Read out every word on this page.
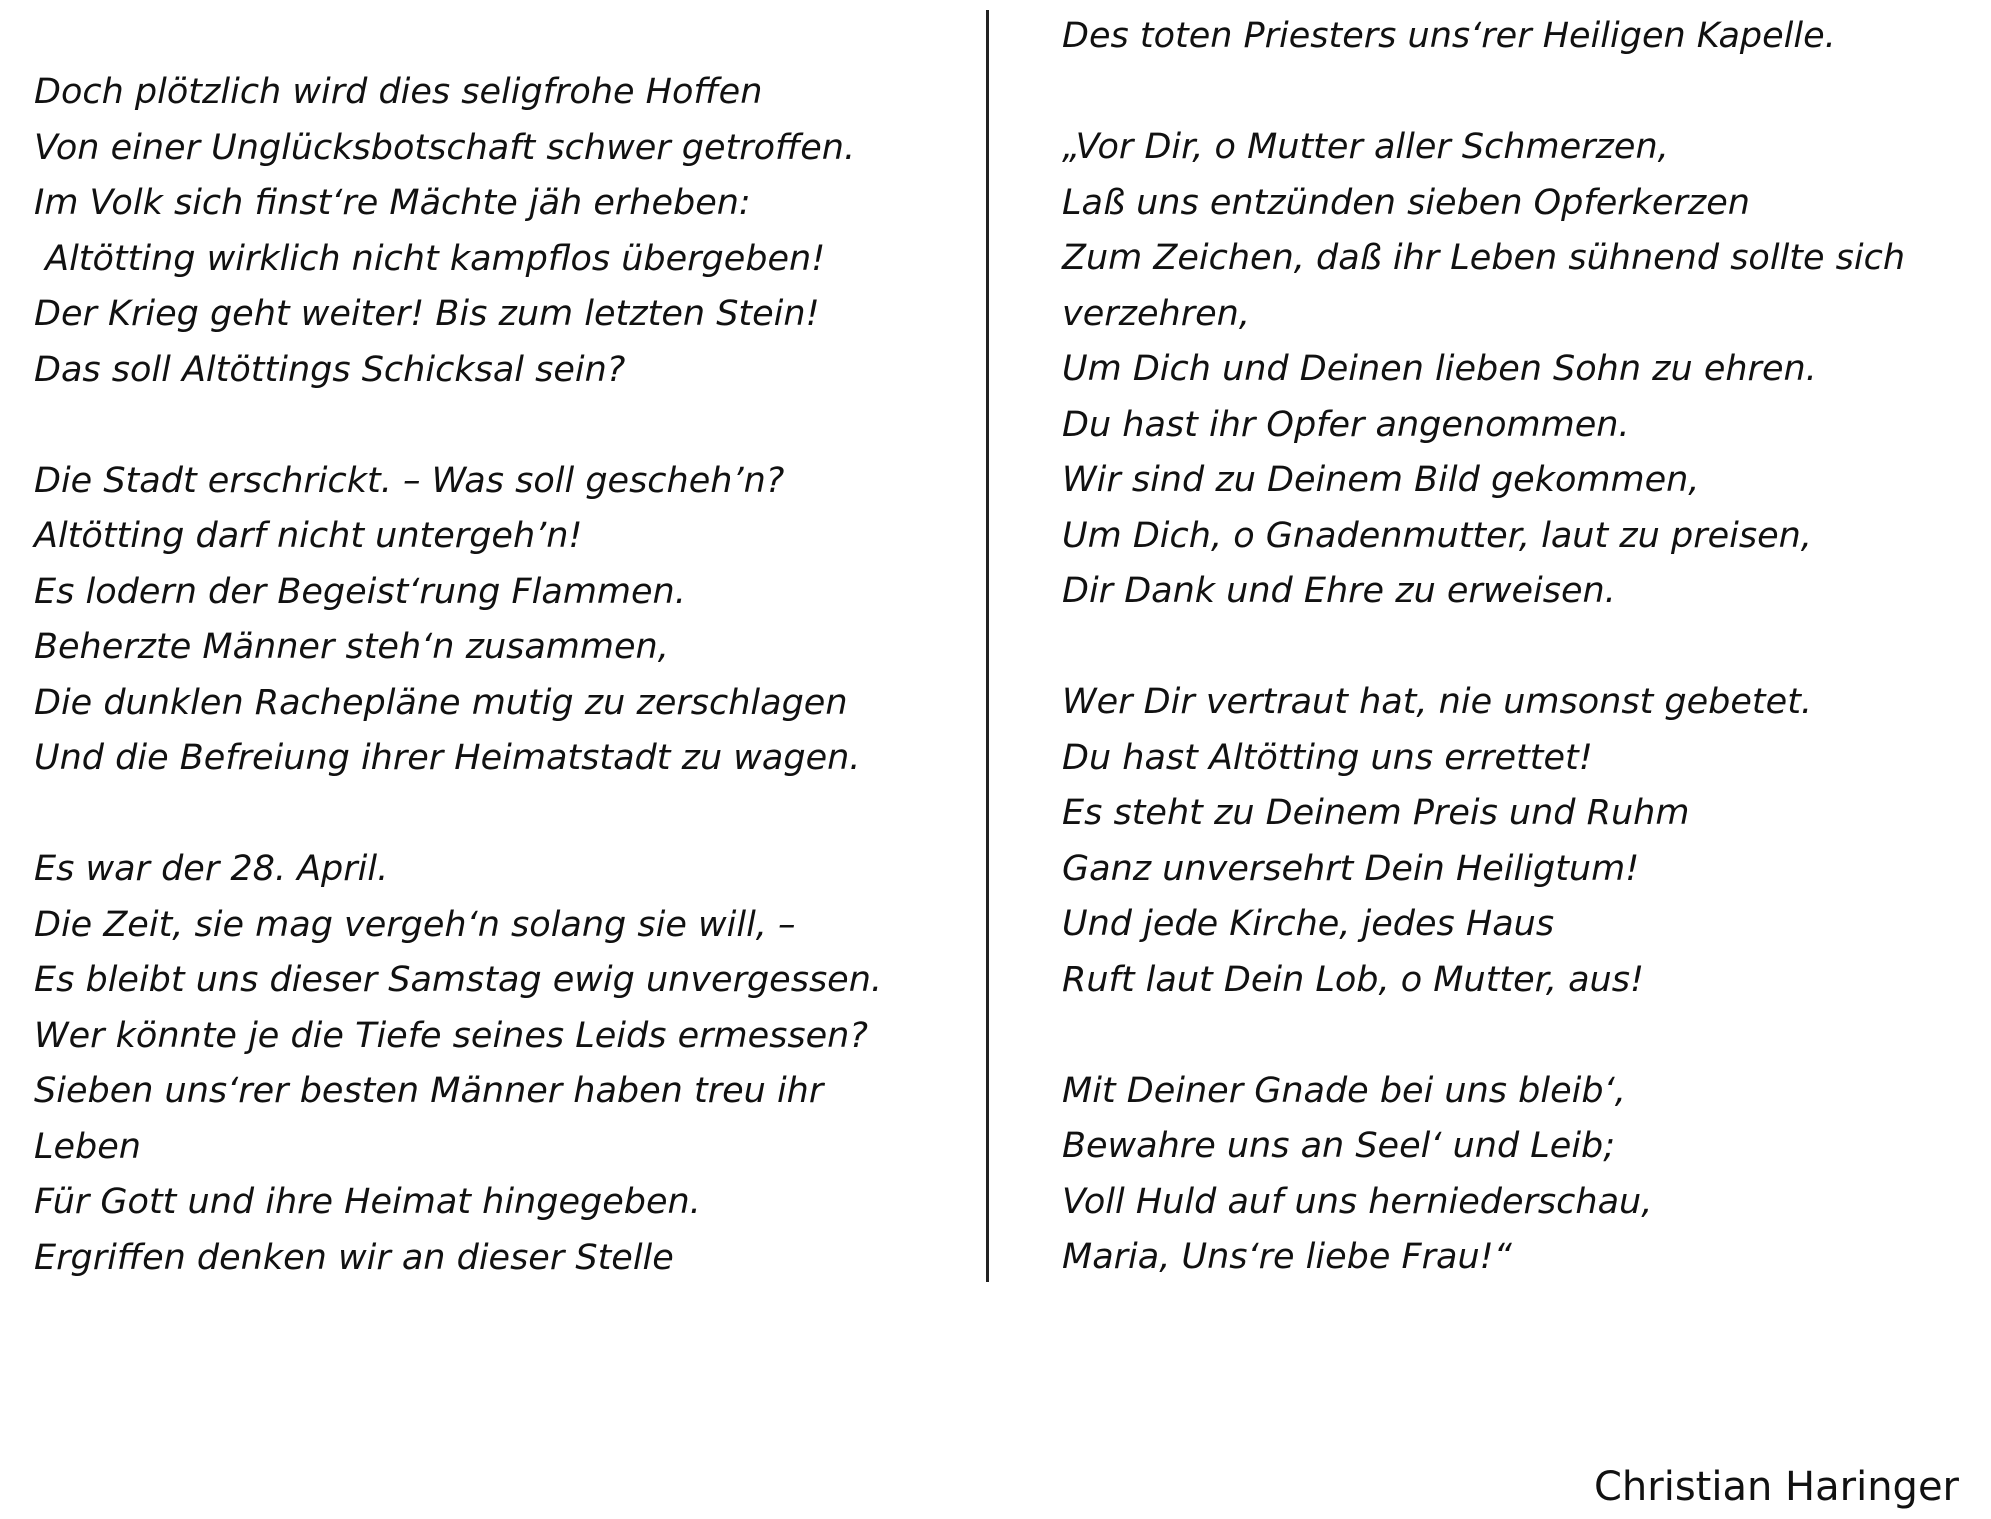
Doch plötzlich wird dies seligfrohe Hoffen
Von einer Unglücksbotschaft schwer getroffen.
Im Volk sich finst‘re Mächte jäh erheben:
Altötting wirklich nicht kampflos übergeben!
Der Krieg geht weiter! Bis zum letzten Stein!
Das soll Altöttings Schicksal sein?
Die Stadt erschrickt. – Was soll gescheh’n?
Altötting darf nicht untergeh’n!
Es lodern der Begeist‘rung Flammen.
Beherzte Männer steh‘n zusammen,
Die dunklen Rachepläne mutig zu zerschlagen
Und die Befreiung ihrer Heimatstadt zu wagen.
Es war der 28. April.
Die Zeit, sie mag vergeh‘n solang sie will, –
Es bleibt uns dieser Samstag ewig unvergessen.
Wer könnte je die Tiefe seines Leids ermessen?
Sieben uns‘rer besten Männer haben treu ihr
Leben
Für Gott und ihre Heimat hingegeben.
Ergriffen denken wir an dieser Stelle
Des toten Priesters uns‘rer Heiligen Kapelle.
„Vor Dir, o Mutter aller Schmerzen,
Laß uns entzünden sieben Opferkerzen
Zum Zeichen, daß ihr Leben sühnend sollte sich
verzehren,
Um Dich und Deinen lieben Sohn zu ehren.
Du hast ihr Opfer angenommen.
Wir sind zu Deinem Bild gekommen,
Um Dich, o Gnadenmutter, laut zu preisen,
Dir Dank und Ehre zu erweisen.
Wer Dir vertraut hat, nie umsonst gebetet.
Du hast Altötting uns errettet!
Es steht zu Deinem Preis und Ruhm
Ganz unversehrt Dein Heiligtum!
Und jede Kirche, jedes Haus
Ruft laut Dein Lob, o Mutter, aus!
Mit Deiner Gnade bei uns bleib‘,
Bewahre uns an Seel‘ und Leib;
Voll Huld auf uns herniederschau,
Maria, Uns‘re liebe Frau!“
Christian Haringer
